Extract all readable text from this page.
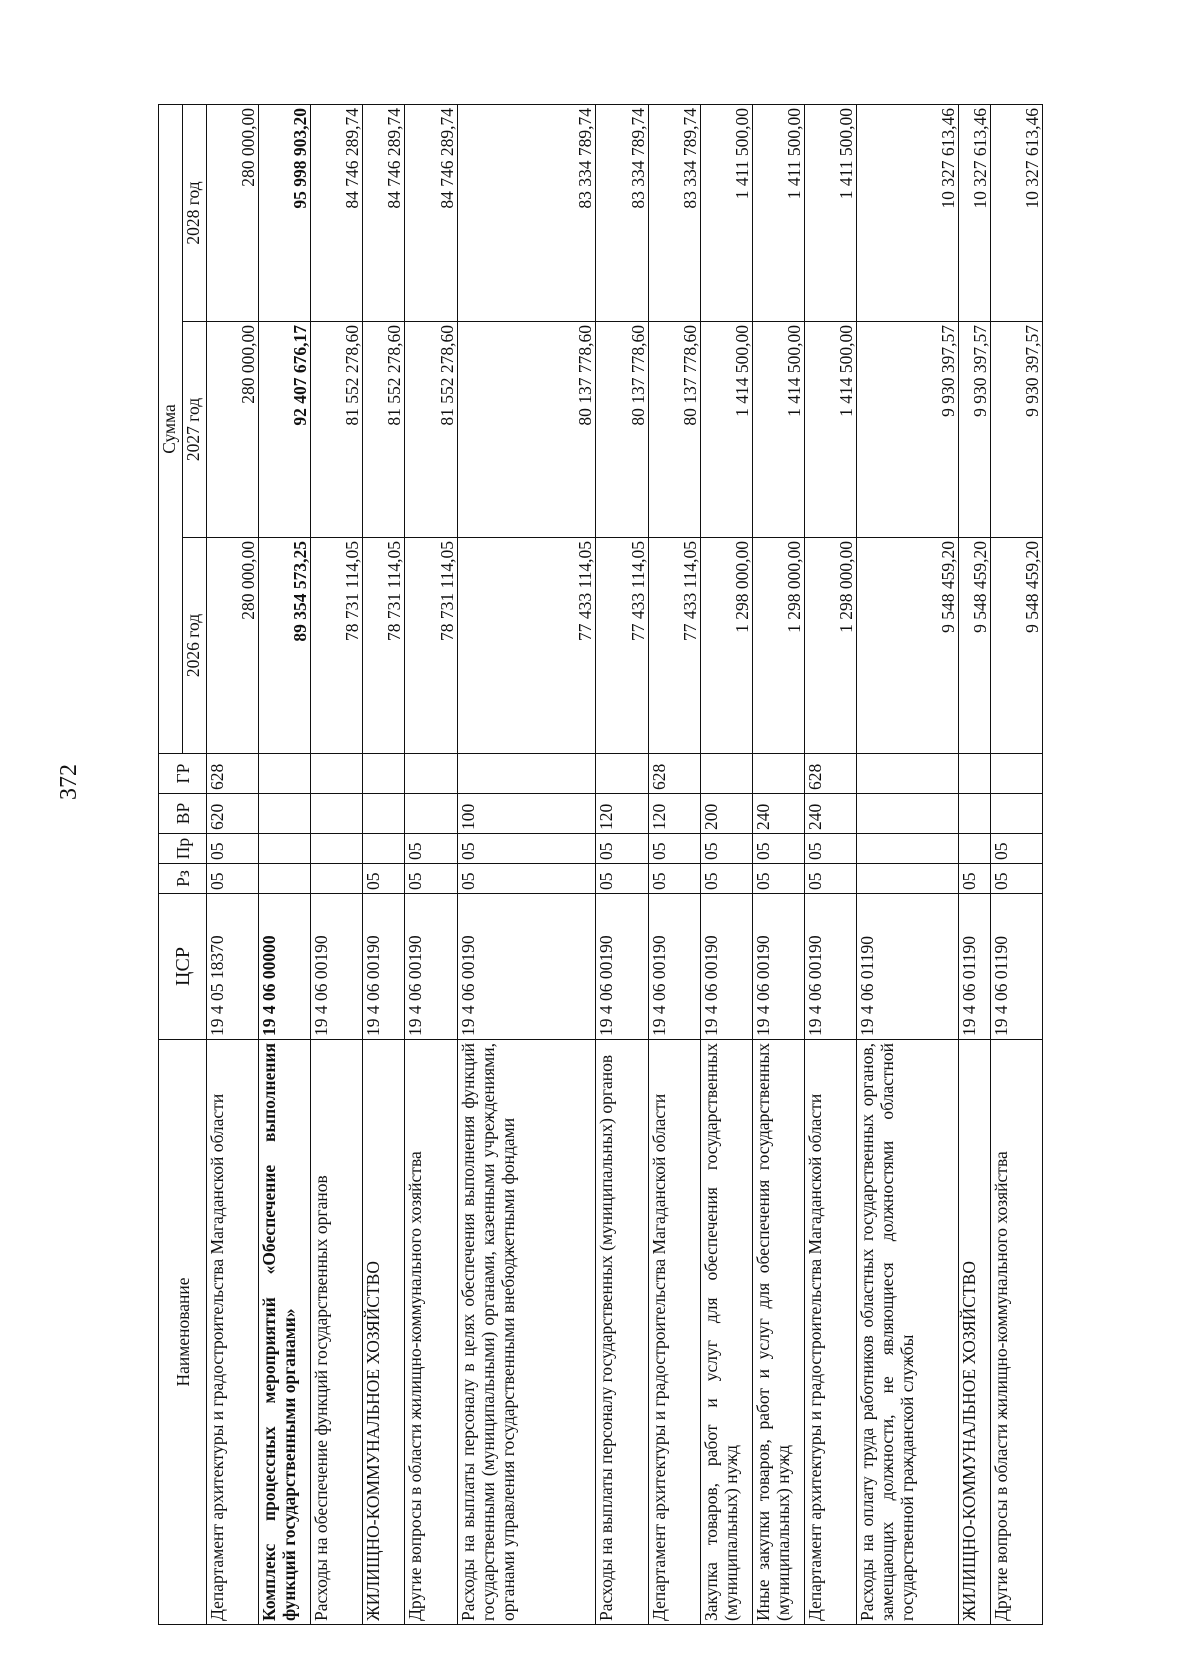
372
Наименование	ЦСР	Рз	Пр	ВР	ГР	Сумма		
						2026 год	2027 год	2028 год
Департамент архитектуры и градостроительства Магаданской области	19 4 05 18370	05	05	620	628	280 000,00	280 000,00	280 000,00
Комплекс процессных мероприятий «Обеспечение выполнения функций государственными органами»	19 4 06 00000					89 354 573,25	92 407 676,17	95 998 903,20
Расходы на обеспечение функций государственных органов	19 4 06 00190					78 731 114,05	81 552 278,60	84 746 289,74
ЖИЛИЩНО-КОММУНАЛЬНОЕ ХОЗЯЙСТВО	19 4 06 00190	05				78 731 114,05	81 552 278,60	84 746 289,74
Другие вопросы в области жилищно-коммунального хозяйства	19 4 06 00190	05	05			78 731 114,05	81 552 278,60	84 746 289,74
Расходы на выплаты персоналу в целях обеспечения выполнения функций государственными (муниципальными) органами, казенными учреждениями, органами управления государственными внебюджетными фондами	19 4 06 00190	05	05	100		77 433 114,05	80 137 778,60	83 334 789,74
Расходы на выплаты персоналу государственных (муниципальных) органов	19 4 06 00190	05	05	120		77 433 114,05	80 137 778,60	83 334 789,74
Департамент архитектуры и градостроительства Магаданской области	19 4 06 00190	05	05	120	628	77 433 114,05	80 137 778,60	83 334 789,74
Закупка товаров, работ и услуг для обеспечения государственных (муниципальных) нужд	19 4 06 00190	05	05	200		1 298 000,00	1 414 500,00	1 411 500,00
Иные закупки товаров, работ и услуг для обеспечения государственных (муниципальных) нужд	19 4 06 00190	05	05	240		1 298 000,00	1 414 500,00	1 411 500,00
Департамент архитектуры и градостроительства Магаданской области	19 4 06 00190	05	05	240	628	1 298 000,00	1 414 500,00	1 411 500,00
Расходы на оплату труда работников областных государственных органов, замещающих должности, не являющиеся должностями областной государственной гражданской службы	19 4 06 01190					9 548 459,20	9 930 397,57	10 327 613,46
ЖИЛИЩНО-КОММУНАЛЬНОЕ ХОЗЯЙСТВО	19 4 06 01190	05				9 548 459,20	9 930 397,57	10 327 613,46
Другие вопросы в области жилищно-коммунального хозяйства	19 4 06 01190	05	05			9 548 459,20	9 930 397,57	10 327 613,46
